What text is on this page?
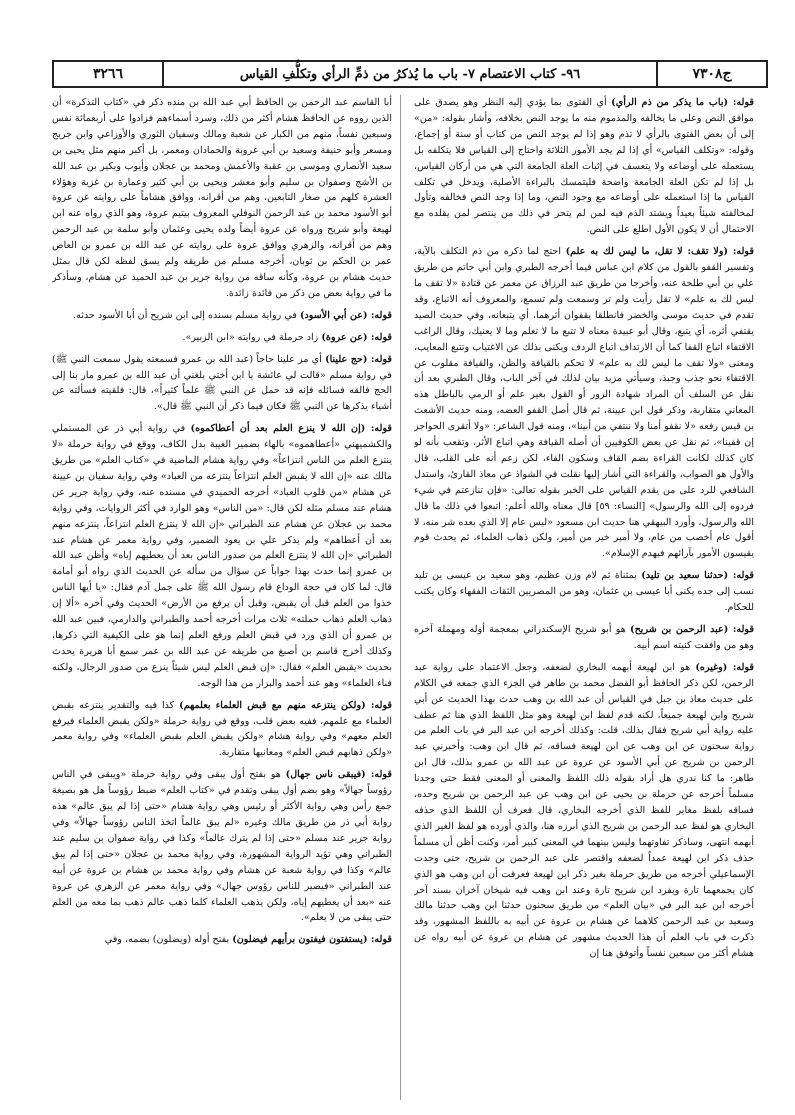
ج٧٣٠٨
٩٦- كتاب الاعتصام ٧- باب ما يُذكرُ من ذمِّ الرأي وتكلُّفِ القياس
٣٢٦٦

قوله: (باب ما يذكر من ذم الرأي) أي الفتوى بما يؤدي إليه النظر وهو يصدق على موافق النص وعلى ما يخالفه والمذموم منه ما يوجد النص بخلافه، وأشار بقوله: «من» إلى أن بعض الفتوى بالرأي لا تذم وهو إذا لم يوجد النص من كتاب أو سنة أو إجماع، وقوله: «وتكلف القياس» أي إذا لم يجد الأمور الثلاثة واحتاج إلى القياس فلا يتكلفه بل يستعمله على أوضاعه ولا يتعسف في إثبات العلة الجامعة التي هي من أركان القياس، بل إذا لم تكن العلة الجامعة واضحة فليتمسك بالبراءة الأصلية، ويدخل في تكلف القياس ما إذا استعمله على أوضاعه مع وجود النص، وما إذا وجد النص فخالفه وتأول لمخالفته شيئاً بعيداً ويشتد الذم فيه لمن لم يتحر في ذلك من ينتصر لمن يقلده مع الاحتمال أن لا يكون الأول اطلع على النص.

قوله: (ولا تقف: لا تقل، ما ليس لك به علم) احتج لما ذكره من ذم التكلف بالآية، وتفسير القفو بالقول من كلام ابن عباس فيما أخرجه الطبري وابن أبي حاتم من طريق علي بن أبي طلحة عنه، وأخرجا من طريق عبد الرزاق عن معمر عن قتادة «لا تقف ما ليس لك به علم» لا تقل رأيت ولم تر وسمعت ولم تسمع، والمعروف أنه الاتباع، وقد تقدم في حديث موسى والخضر فانطلقا يقفوان أثرهما، أي يتبعانه، وفي حديث الصيد يقتفي أثره، أي يتبع، وقال أبو عبيدة معناه لا تتبع ما لا تعلم وما لا يعنيك، وقال الراغب الاقتفاء اتباع القفا كما أن الارتداف اتباع الردف ويكنى بذلك عن الاغتياب وتتبع المعايب، ومعنى «ولا تقف ما ليس لك به علم» لا تحكم بالقيافة والظن، والقيافة مقلوب عن الاقتفاء نحو جذب وجبذ، وسيأتي مزيد بيان لذلك في آخر الباب، وقال الطبري بعد أن نقل عن السلف أن المراد شهادة الزور أو القول بغير علم أو الرمي بالباطل هذه المعاني متقاربة، وذكر قول ابن عيينة، ثم قال أصل القفو العضه، ومنه حديث الأشعث بن قيس رفعه «لا نقفو أمنا ولا ننتفي من أبينا»، ومنه قول الشاعر: «ولا أتقرى الحواجز إن قفينا»، ثم نقل عن بعض الكوفيين أن أصله القيافة وهي اتباع الأثر، وتقعب بأنه لو كان كذلك لكانت القراءة بضم القاف وسكون الفاء، لكن زعم أنه على القلب، قال والأول هو الصواب، والقراءة التي أشار إليها نقلت في الشواذ عن معاذ القارئ، واستدل الشافعي للرد على من يقدم القياس على الخبر بقوله تعالى: «فإن تنازعتم في شيء فردوه إلى الله والرسول» [النساء: ٥٩] قال معناه والله أعلم: اتبعوا في ذلك ما قال الله والرسول، وأورد البيهقي هنا حديث ابن مسعود «ليس عام إلا الذي بعده شر منه، لا أقول عام أخصب من عام، ولا أمير خير من أمير، ولكن ذهاب العلماء، ثم يحدث قوم يقيسون الأمور بآرائهم فيهدم الإسلام».

قوله: (حدثنا سعيد بن تليد) بمثناة ثم لام وزن عظيم، وهو سعيد بن عيسى بن تليد نسب إلى جده يكنى أبا عيسى بن عثمان، وهو من المصريين الثقات الفقهاء وكان يكتب للحكام.

قوله: (عبد الرحمن بن شريح) هو أبو شريح الإسكندراني بمعجمة أوله ومهملة آخره وهو من وافقت كنيته اسم أبيه.

قوله: (وغيره) هو ابن لهيعة أبهمه البخاري لضعفه، وجعل الاعتماد على رواية عبد الرحمن، لكن ذكر الحافظ أبو الفضل محمد بن طاهر في الجزء الذي جمعه في الكلام على حديث معاذ بن جبل في القياس أن عبد الله بن وهب حدث بهذا الحديث عن أبي شريح وابن لهيعة جميعاً، لكنه قدم لفظ ابن لهيعة وهو مثل اللفظ الذي هنا ثم عطف عليه رواية أبي شريح فقال بذلك، قلت: وكذلك أخرجه ابن عبد البر في باب العلم من رواية سحنون عن ابن وهب عن ابن لهيعة فساقه، ثم قال ابن وهب: وأخبرني عبد الرحمن بن شريح عن أبي الأسود عن عروة عن عبد الله بن عمرو بذلك، قال ابن طاهر: ما كنا ندري هل أراد بقوله ذلك اللفظ والمعنى أو المعنى فقط حتى وجدنا مسلماً أخرجه عن حرملة بن يحيى عن ابن وهب عن عبد الرحمن بن شريح وحده، فساقه بلفظ مغاير للفظ الذي أخرجه البخاري، قال فعرف أن اللفظ الذي حذفه البخاري هو لفظ عبد الرحمن بن شريح الذي أبرزه هنا، والذي أورده هو لفظ الغير الذي أبهمه انتهى، وساذكر تفاوتهما وليس بينهما في المعنى كبير أمر، وكنت أظن أن مسلماً حذف ذكر ابن لهيعة عمداً لضعفه واقتصر على عبد الرحمن بن شريح، حتى وجدت الإسماعيلي أخرجه من طريق حرملة بغير ذكر ابن لهيعة فعرفت أن ابن وهب هو الذي كان يجمعهما تارة ويفرد ابن شريح تارة وعند ابن وهب فيه شيخان آخران بسند آخر أخرجه ابن عبد البر في «بيان العلم» من طريق سحنون حدثنا ابن وهب حدثنا مالك وسعيد بن عبد الرحمن كلاهما عن هشام بن عروة عن أبيه به باللفظ المشهور، وقد ذكرت في باب العلم أن هذا الحديث مشهور عن هشام بن عروة عن أبيه رواه عن هشام أكثر من سبعين نفساً وأتوفق هنا إن

أبا القاسم عبد الرحمن بن الحافظ أبي عبد الله بن منده ذكر في «كتاب التذكرة» أن الذين رووه عن الحافظ هشام أكثر من ذلك، وسرد أسماءهم فزادوا على أربعمائة نفس وسبعين نفساً، منهم من الكبار عن شعبة ومالك وسفيان الثوري والأوزاعي وابن جريج ومسعر وأبو حنيفة وسعيد بن أبي عروبة والحمادان ومعمر، بل أكبر منهم مثل يحيى بن سعيد الأنصاري وموسى بن عقبة والأعمش ومحمد بن عجلان وأيوب وبكير بن عبد الله بن الأشج وصفوان بن سليم وأبو معشر ويحيى بن أبي كثير وعمارة بن غزية وهؤلاء العشرة كلهم من صغار التابعين، وهم من أقرانه، ووافق هشاماً على روايته عن عروة أبو الأسود محمد بن عبد الرحمن النوفلي المعروف بيتيم عروة، وهو الذي رواه عنه ابن لهيعة وأبو شريح ورواه عن عروة أيضاً ولده يحيى وعثمان وأبو سلمة بن عبد الرحمن وهم من أقرانه، والزهري ووافق عروة على روايته عن عبد الله بن عمرو بن العاص عمر بن الحكم بن ثوبان، أخرجه مسلم من طريقه ولم يسق لفظه لكن قال بمثل حديث هشام بن عروة، وكأنه ساقه من رواية جرير بن عبد الحميد عن هشام، وسأذكر ما في رواية بعض من ذكر من فائدة زائدة.

قوله: (عن أبي الأسود) في رواية مسلم بسنده إلى ابن شريح أن أبا الأسود حدثه.

قوله: (عن عروة) زاد حرملة في روايته «ابن الزبير».

قوله: (حج علينا) أي مر علينا حاجاً (عبد الله بن عمرو فسمعته يقول سمعت النبي ﷺ) في رواية مسلم «قالت لي عائشة يا ابن أختي بلغني أن عبد الله بن عمرو مار بنا إلى الحج فالقه فسائله فإنه قد حمل عن النبي ﷺ علماً كثيراً»، قال: فلقيته فسألته عن أشياء يذكرها عن النبي ﷺ فكان فيما ذكر أن النبي ﷺ قال».

قوله: (إن الله لا ينزع العلم بعد أن أعطاكموه) في رواية أبي ذر عن المستملي والكشميهني «أعطاهموه» بالهاء بضمير الغيبة بدل الكاف، ووقع في رواية حرملة «لا ينتزع العلم من الناس انتزاعاً» وفي رواية هشام الماضية في «كتاب العلم» من طريق مالك عنه «إن الله لا يقبض العلم انتزاعاً ينتزعه من العباد» وفي رواية سفيان بن عيينة عن هشام «من قلوب العباد» أخرجه الحميدي في مسنده عنه، وفي رواية جرير عن هشام عند مسلم مثله لكن قال: «من الناس» وهو الوارد في أكثر الروايات، وفي رواية محمد بن عجلان عن هشام عند الطبراني «إن الله لا ينتزع العلم انتزاعاً، ينتزعه منهم بعد أن أعطاهم» ولم يذكر علي بن يعود الضمير، وفي رواية معمر عن هشام عند الطبراني «إن الله لا ينتزع العلم من صدور الناس بعد أن يعطيهم إياه» وأظن عبد الله بن عمرو إنما حدث بهذا جواباً عن سؤال من سأله عن الحديث الذي رواه أبو أمامة قال: لما كان في حجة الوداع قام رسول الله ﷺ على جمل آدم فقال: «يا أيها الناس خذوا من العلم قبل أن يقبض، وقبل أن يرفع من الأرض» الحديث وفي آخره «ألا إن ذهاب العلم ذهاب حملته» ثلاث مرات أخرجه أحمد والطبراني والدارمي، فبين عبد الله بن عمرو أن الذي ورد في قبض العلم ورفع العلم إنما هو على الكيفية التي ذكرها، وكذلك أخرج قاسم بن أصبغ من طريقه عن عبد الله بن عمر سمع أبا هريرة يحدث بحديث «يقبض العلم» فقال: «إن قبض العلم ليس شيئاً ينزع من صدور الرجال، ولكنه فناء العلماء» وهو عند أحمد والبزار من هذا الوجه.

قوله: (ولكن ينتزعه منهم مع قبض العلماء بعلمهم) كذا فيه والتقدير ينتزعه بقبض العلماء مع علمهم، ففيه بعض قلب، ووقع في رواية حرملة «ولكن يقبض العلماء فيرفع العلم معهم» وفي رواية هشام «ولكن يقبض العلم بقبض العلماء» وفي رواية معمر «ولكن ذهابهم قبض العلم» ومعانيها متقاربة.

قوله: (فيبقى ناس جهال) هو بفتح أول يبقى وفي رواية حرملة «ويبقى في الناس رؤوساً جهالاً» وهو بضم أول يبقى وتقدم في «كتاب العلم» ضبط رؤوساً هل هو بصيغة جمع رأس وهي رواية الأكثر أو رئيس وهي رواية هشام «حتى إذا لم يبق عالم» هذه رواية أبي ذر من طريق مالك وغيره «لم يبق عالماً اتخذ الناس رؤوساً جهالاً» وفي رواية جرير عند مسلم «حتى إذا لم يترك عالماً» وكذا في رواية صفوان بن سليم عند الطبراني وهي تؤيد الرواية المشهورة، وفي رواية محمد بن عجلان «حتى إذا لم يبق عالم» وكذا في رواية شعبة عن هشام وفي رواية محمد بن هشام بن عروة عن أبيه عند الطبراني «فيصير للناس رؤوس جهال» وفي رواية معمر عن الزهري عن عروة عنه «بعد أن يعطيهم إياه، ولكن يذهب العلماء كلما ذهب عالم ذهب بما معه من العلم حتى يبقى من لا يعلم».

قوله: (يستفتون فيفتون برأيهم فيضلون) بفتح أوله (ويضلون) بضمه، وفي
